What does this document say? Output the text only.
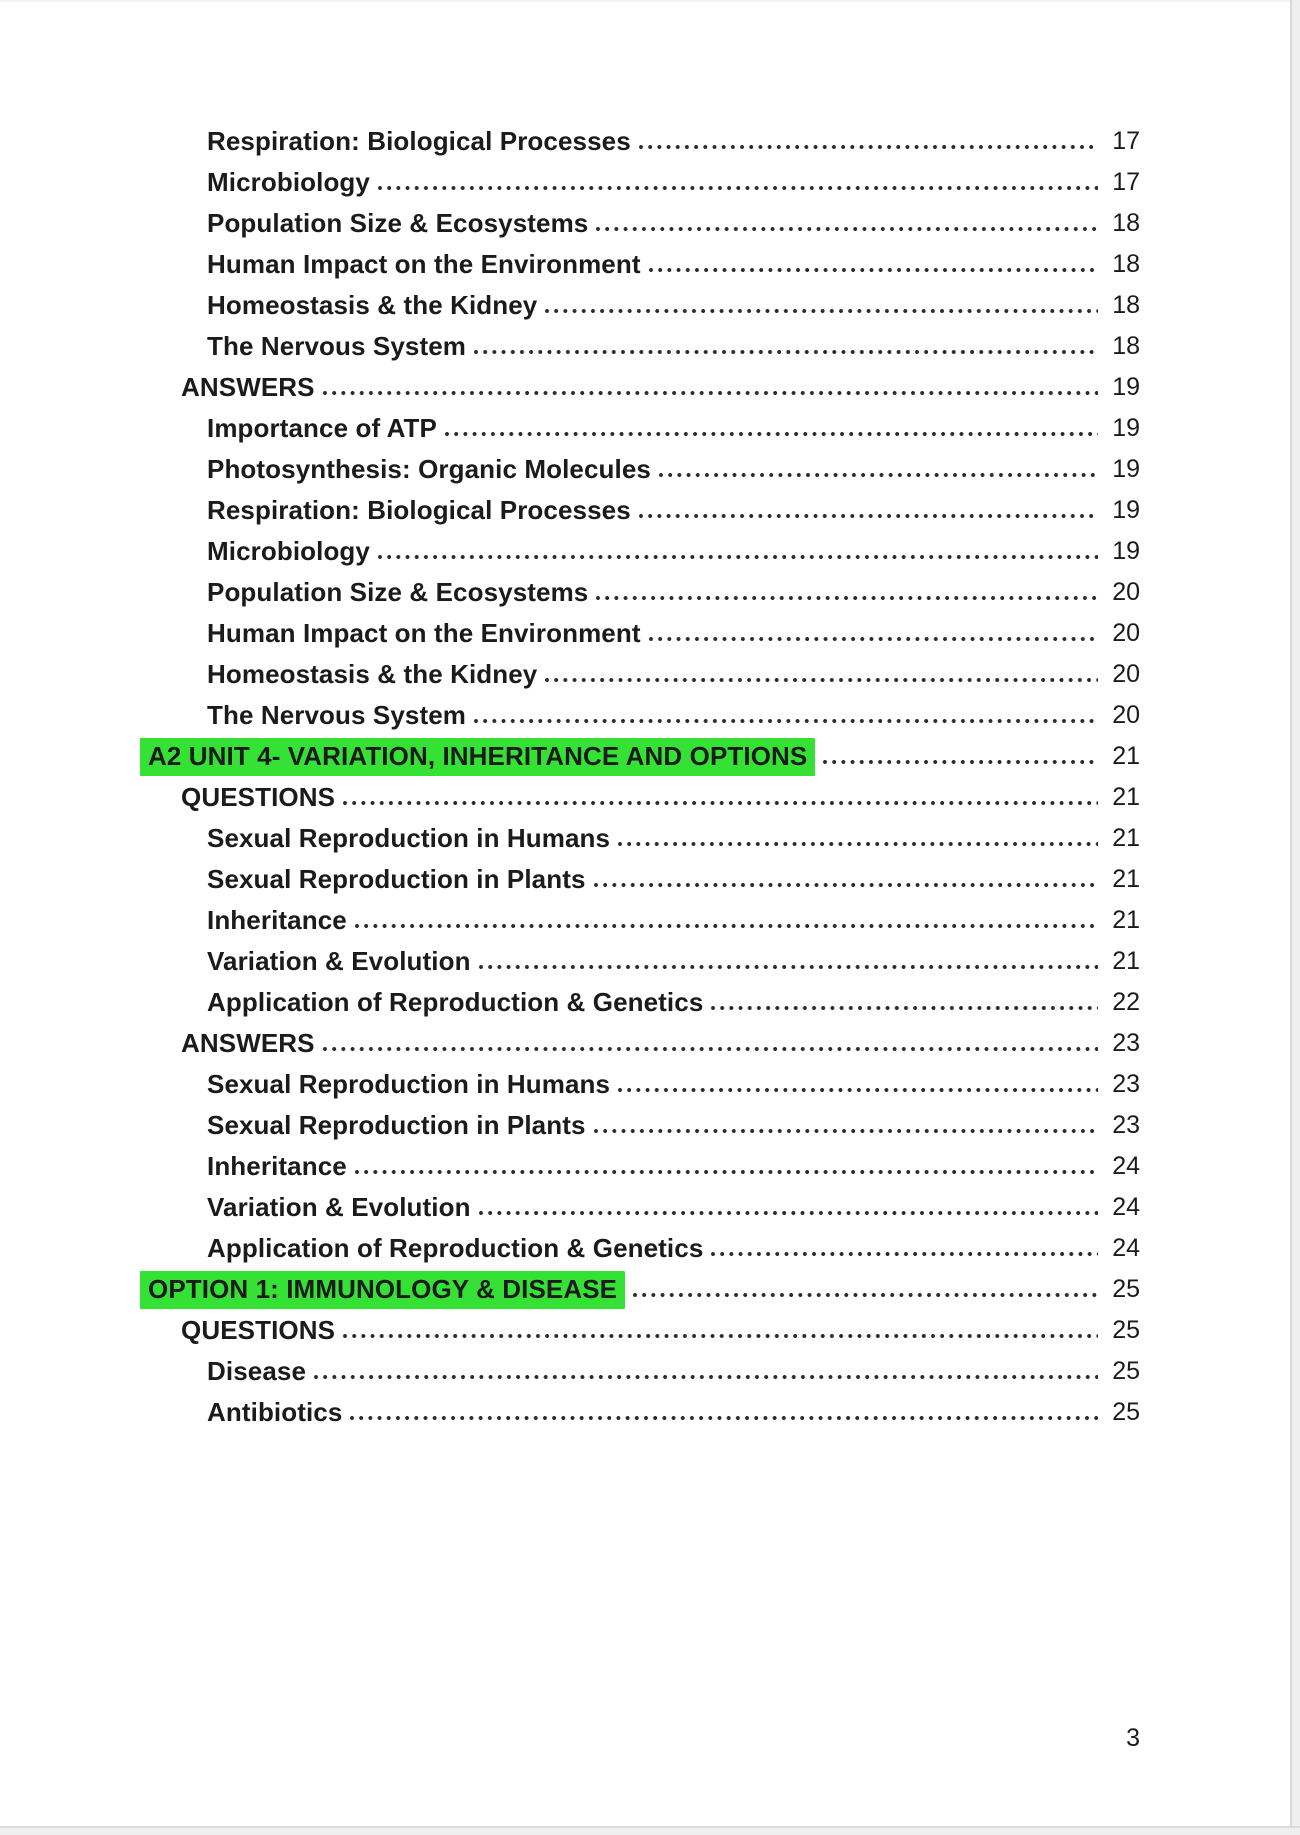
Respiration: Biological Processes	17
Microbiology	17
Population Size & Ecosystems	18
Human Impact on the Environment	18
Homeostasis & the Kidney	18
The Nervous System	18
ANSWERS	19
Importance of ATP	19
Photosynthesis: Organic Molecules	19
Respiration: Biological Processes	19
Microbiology	19
Population Size & Ecosystems	20
Human Impact on the Environment	20
Homeostasis & the Kidney	20
The Nervous System	20
A2 UNIT 4- VARIATION, INHERITANCE AND OPTIONS	21
QUESTIONS	21
Sexual Reproduction in Humans	21
Sexual Reproduction in Plants	21
Inheritance	21
Variation & Evolution	21
Application of Reproduction & Genetics	22
ANSWERS	23
Sexual Reproduction in Humans	23
Sexual Reproduction in Plants	23
Inheritance	24
Variation & Evolution	24
Application of Reproduction & Genetics	24
OPTION 1: IMMUNOLOGY & DISEASE	25
QUESTIONS	25
Disease	25
Antibiotics	25
3
